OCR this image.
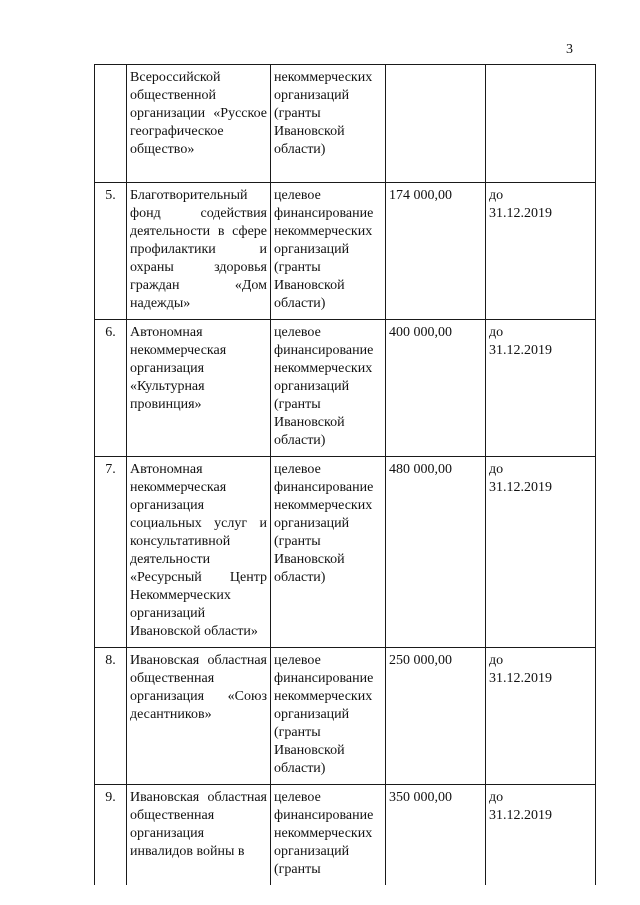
3
	Всероссийской общественной организации «Русское географическое общество»	некоммерческих организаций (гранты Ивановской области)		

5.	Благотворительный фонд содействия деятельности в сфере профилактики и охраны здоровья граждан «Дом надежды»	целевое финансирование некоммерческих организаций (гранты Ивановской области)	174 000,00	до
31.12.2019

6.	Автономная некоммерческая организация «Культурная провинция»	целевое финансирование некоммерческих организаций (гранты Ивановской области)	400 000,00	до
31.12.2019

7.	Автономная некоммерческая организация социальных услуг и консультативной деятельности «Ресурсный Центр Некоммерческих организаций Ивановской области»	целевое финансирование некоммерческих организаций (гранты Ивановской области)	480 000,00	до
31.12.2019

8.	Ивановская областная общественная организация «Союз десантников»	целевое финансирование некоммерческих организаций (гранты Ивановской области)	250 000,00	до
31.12.2019

9.	Ивановская областная общественная организация инвалидов войны в	целевое финансирование некоммерческих организаций (гранты	350 000,00	до
31.12.2019
